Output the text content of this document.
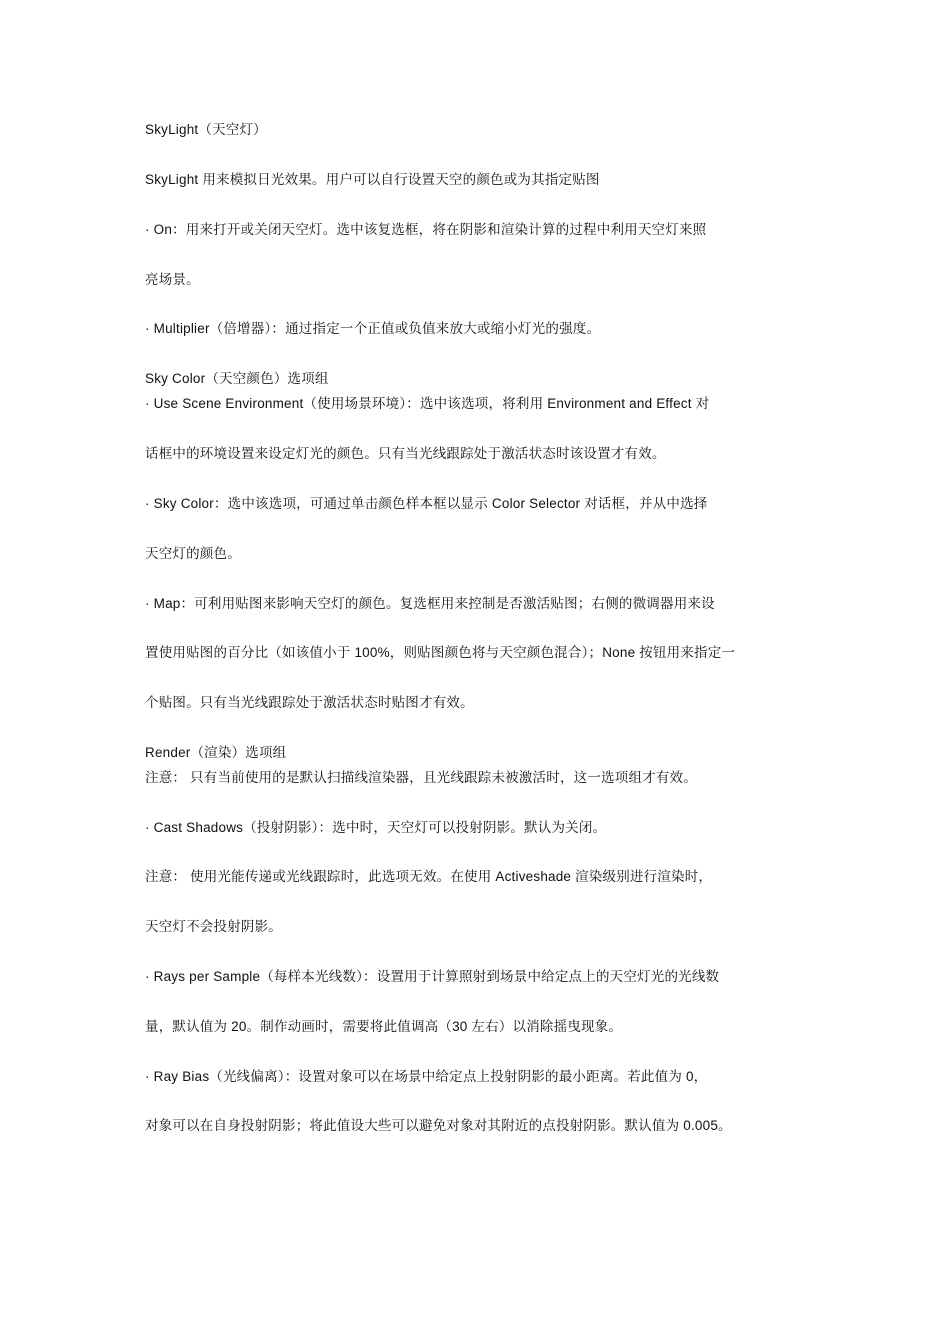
SkyLight（天空灯）
SkyLight 用来模拟日光效果。用户可以自行设置天空的颜色或为其指定贴图
· On：用来打开或关闭天空灯。选中该复选框，将在阴影和渲染计算的过程中利用天空灯来照
亮场景。
· Multiplier（倍增器）：通过指定一个正值或负值来放大或缩小灯光的强度。
Sky Color（天空颜色）选项组
· Use Scene Environment（使用场景环境）：选中该选项，将利用 Environment and Effect 对
话框中的环境设置来设定灯光的颜色。只有当光线跟踪处于激活状态时该设置才有效。
· Sky Color：选中该选项，可通过单击颜色样本框以显示 Color Selector 对话框，并从中选择
天空灯的颜色。
· Map：可利用贴图来影响天空灯的颜色。复选框用来控制是否激活贴图；右侧的微调器用来设
置使用贴图的百分比（如该值小于 100%，则贴图颜色将与天空颜色混合）；None 按钮用来指定一
个贴图。只有当光线跟踪处于激活状态时贴图才有效。
Render（渲染）选项组
注意： 只有当前使用的是默认扫描线渲染器，且光线跟踪未被激活时，这一选项组才有效。
· Cast Shadows（投射阴影）：选中时，天空灯可以投射阴影。默认为关闭。
注意： 使用光能传递或光线跟踪时，此选项无效。在使用 Activeshade 渲染级别进行渲染时，
天空灯不会投射阴影。
· Rays per Sample（每样本光线数）：设置用于计算照射到场景中给定点上的天空灯光的光线数
量，默认值为 20。制作动画时，需要将此值调高（30 左右）以消除摇曳现象。
· Ray Bias（光线偏离）：设置对象可以在场景中给定点上投射阴影的最小距离。若此值为 0，
对象可以在自身投射阴影；将此值设大些可以避免对象对其附近的点投射阴影。默认值为 0.005。
